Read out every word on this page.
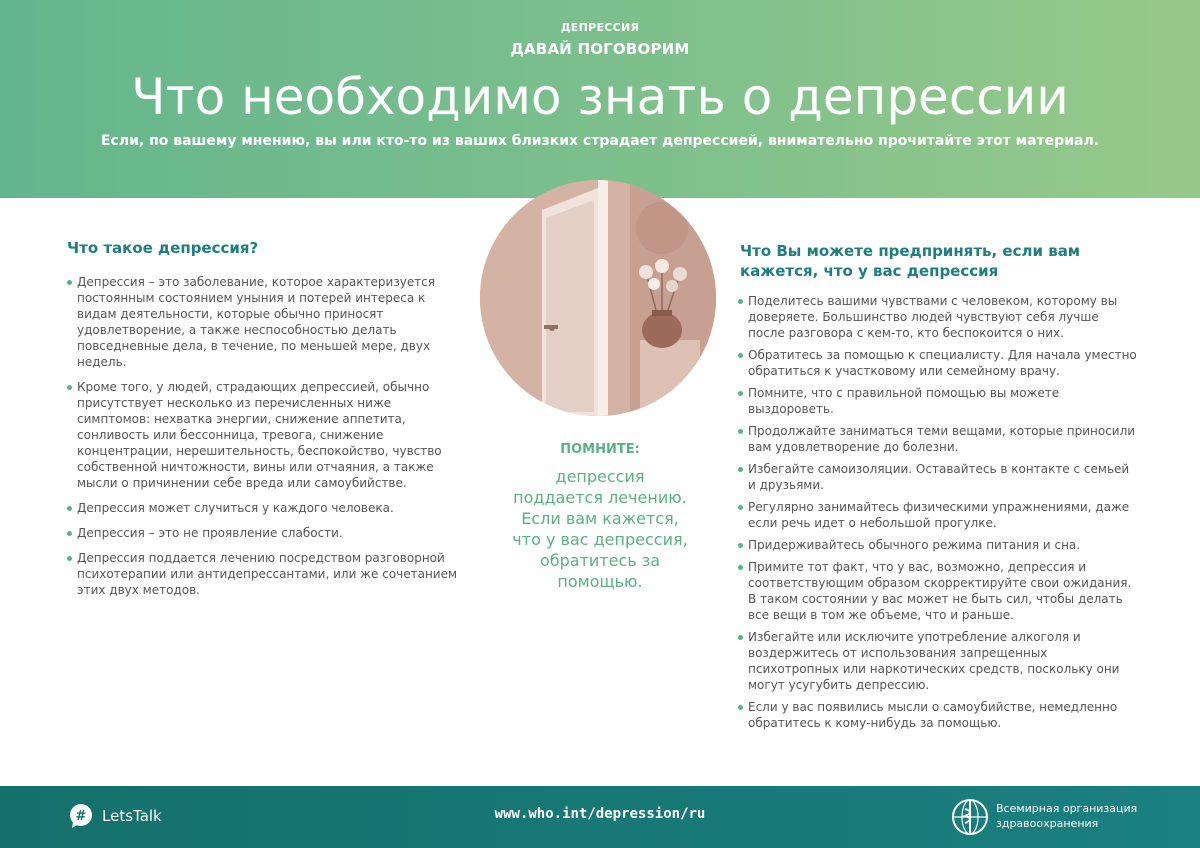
ДЕПРЕССИЯ
ДАВАЙ ПОГОВОРИМ
Что необходимо знать о депрессии
Если, по вашему мнению, вы или кто-то из ваших близких страдает депрессией, внимательно прочитайте этот материал.
Что такое депрессия?
Депрессия – это заболевание, которое характеризуется постоянным состоянием уныния и потерей интереса к видам деятельности, которые обычно приносят удовлетворение, а также неспособностью делать повседневные дела, в течение, по меньшей мере, двух недель.
Кроме того, у людей, страдающих депрессией, обычно присутствует несколько из перечисленных ниже симптомов: нехватка энергии, снижение аппетита, сонливость или бессонница, тревога, снижение концентрации, нерешительность, беспокойство, чувство собственной ничтожности, вины или отчаяния, а также мысли о причинении себе вреда или самоубийстве.
Депрессия может случиться у каждого человека.
Депрессия – это не проявление слабости.
Депрессия поддается лечению посредством разговорной психотерапии или антидепрессантами, или же сочетанием этих двух методов.
ПОМНИТЕ:
депрессия поддается лечению. Если вам кажется, что у вас депрессия, обратитесь за помощью.
Что Вы можете предпринять, если вам кажется, что у вас депрессия
Поделитесь вашими чувствами с человеком, которому вы доверяете. Большинство людей чувствуют себя лучше после разговора с кем-то, кто беспокоится о них.
Обратитесь за помощью к специалисту. Для начала уместно обратиться к участковому или семейному врачу.
Помните, что с правильной помощью вы можете выздороветь.
Продолжайте заниматься теми вещами, которые приносили вам удовлетворение до болезни.
Избегайте самоизоляции. Оставайтесь в контакте с семьей и друзьями.
Регулярно занимайтесь физическими упражнениями, даже если речь идет о небольшой прогулке.
Придерживайтесь обычного режима питания и сна.
Примите тот факт, что у вас, возможно, депрессия и соответствующим образом скорректируйте свои ожидания. В таком состоянии у вас может не быть сил, чтобы делать все вещи в том же объеме, что и раньше.
Избегайте или исключите употребление алкоголя и воздержитесь от использования запрещенных психотропных или наркотических средств, поскольку они могут усугубить депрессию.
Если у вас появились мысли о самоубийстве, немедленно обратитесь к кому-нибудь за помощью.
# LetsTalk	www.who.int/depression/ru	Всемирная организация
здравоохранения
